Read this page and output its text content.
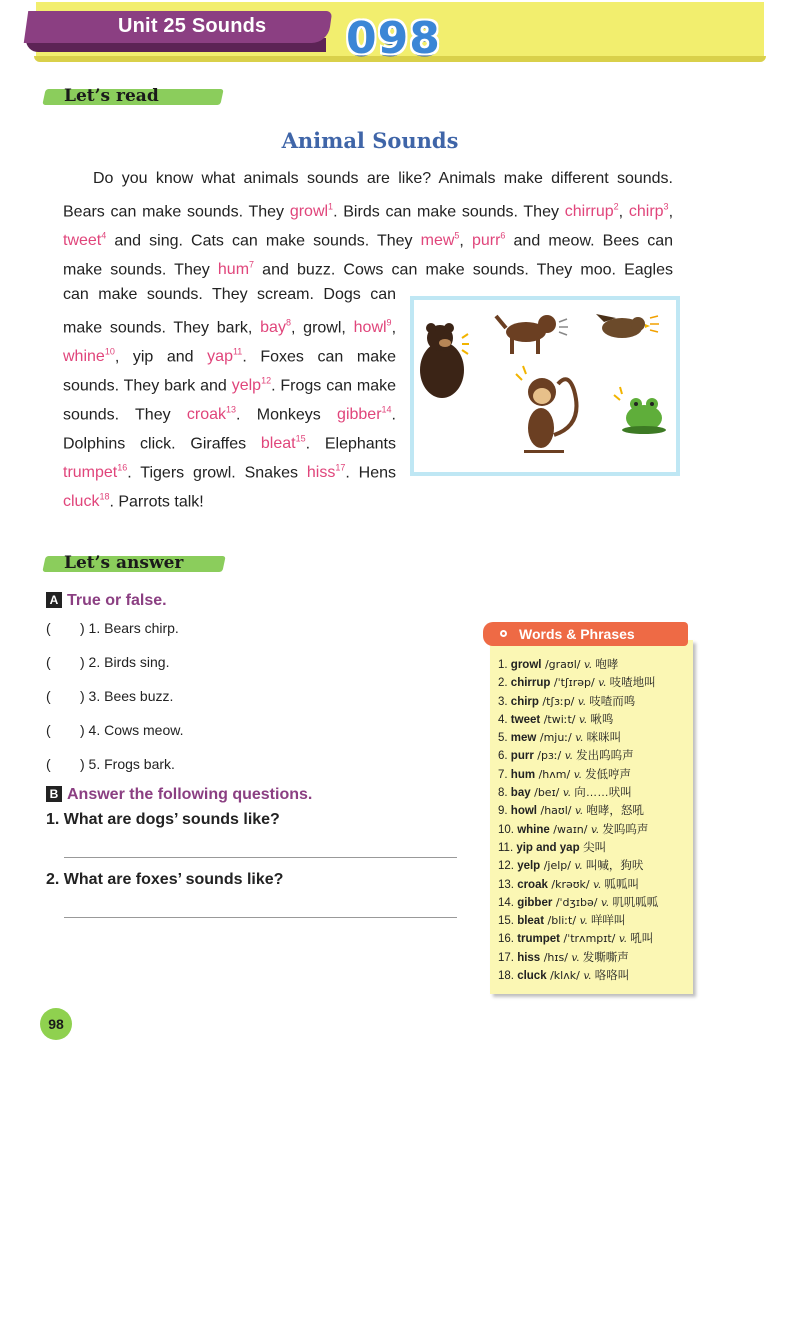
Unit 25 Sounds 098
Let’s read
Animal Sounds
Do you know what animals sounds are like? Animals make different sounds.
Bears can make sounds. They growl$^1$. Birds can make sounds. They chirrup$^2$, chirp$^3$,
tweet$^4$ and sing. Cats can make sounds. They mew$^5$, purr$^6$ and meow. Bees can
make sounds. They hum$^7$ and buzz. Cows can make sounds. They moo. Eagles
can make sounds. They scream. Dogs can
make sounds. They bark, bay$^8$, growl, howl$^9$,
whine$^{10}$, yip and yap$^{11}$. Foxes can make
sounds. They bark and yelp$^{12}$. Frogs can make
sounds. They croak$^{13}$. Monkeys gibber$^{14}$.
Dolphins click. Giraffes bleat$^{15}$. Elephants
trumpet$^{16}$. Tigers growl. Snakes hiss$^{17}$. Hens
cluck$^{18}$. Parrots talk!
Let’s answer
A True or false.
( ) 1. Bears chirp.
( ) 2. Birds sing.
( ) 3. Bees buzz.
( ) 4. Cows meow.
( ) 5. Frogs bark.
B Answer the following questions.
1. What are dogs’ sounds like?
2. What are foxes’ sounds like?
Words & Phrases
1. growl /graʊl/ v. 咆哮
2. chirrup /ˈtʃɪrəp/ v. 吱喳地叫
3. chirp /tʃɜːp/ v. 吱喳而鸣
4. tweet /twiːt/ v. 啾鸣
5. mew /mjuː/ v. 咪咪叫
6. purr /pɜː/ v. 发出呜呜声
7. hum /hʌm/ v. 发低哼声
8. bay /beɪ/ v. 向……吠叫
9. howl /haʊl/ v. 咆哮，怒吼
10. whine /waɪn/ v. 发呜呜声
11. yip and yap 尖叫
12. yelp /jelp/ v. 叫喊，狗吠
13. croak /krəʊk/ v. 呱呱叫
14. gibber /ˈdʒɪbə/ v. 叽叽呱呱
15. bleat /bliːt/ v. 咩咩叫
16. trumpet /ˈtrʌmpɪt/ v. 吼叫
17. hiss /hɪs/ v. 发嘶嘶声
18. cluck /klʌk/ v. 咯咯叫
98
